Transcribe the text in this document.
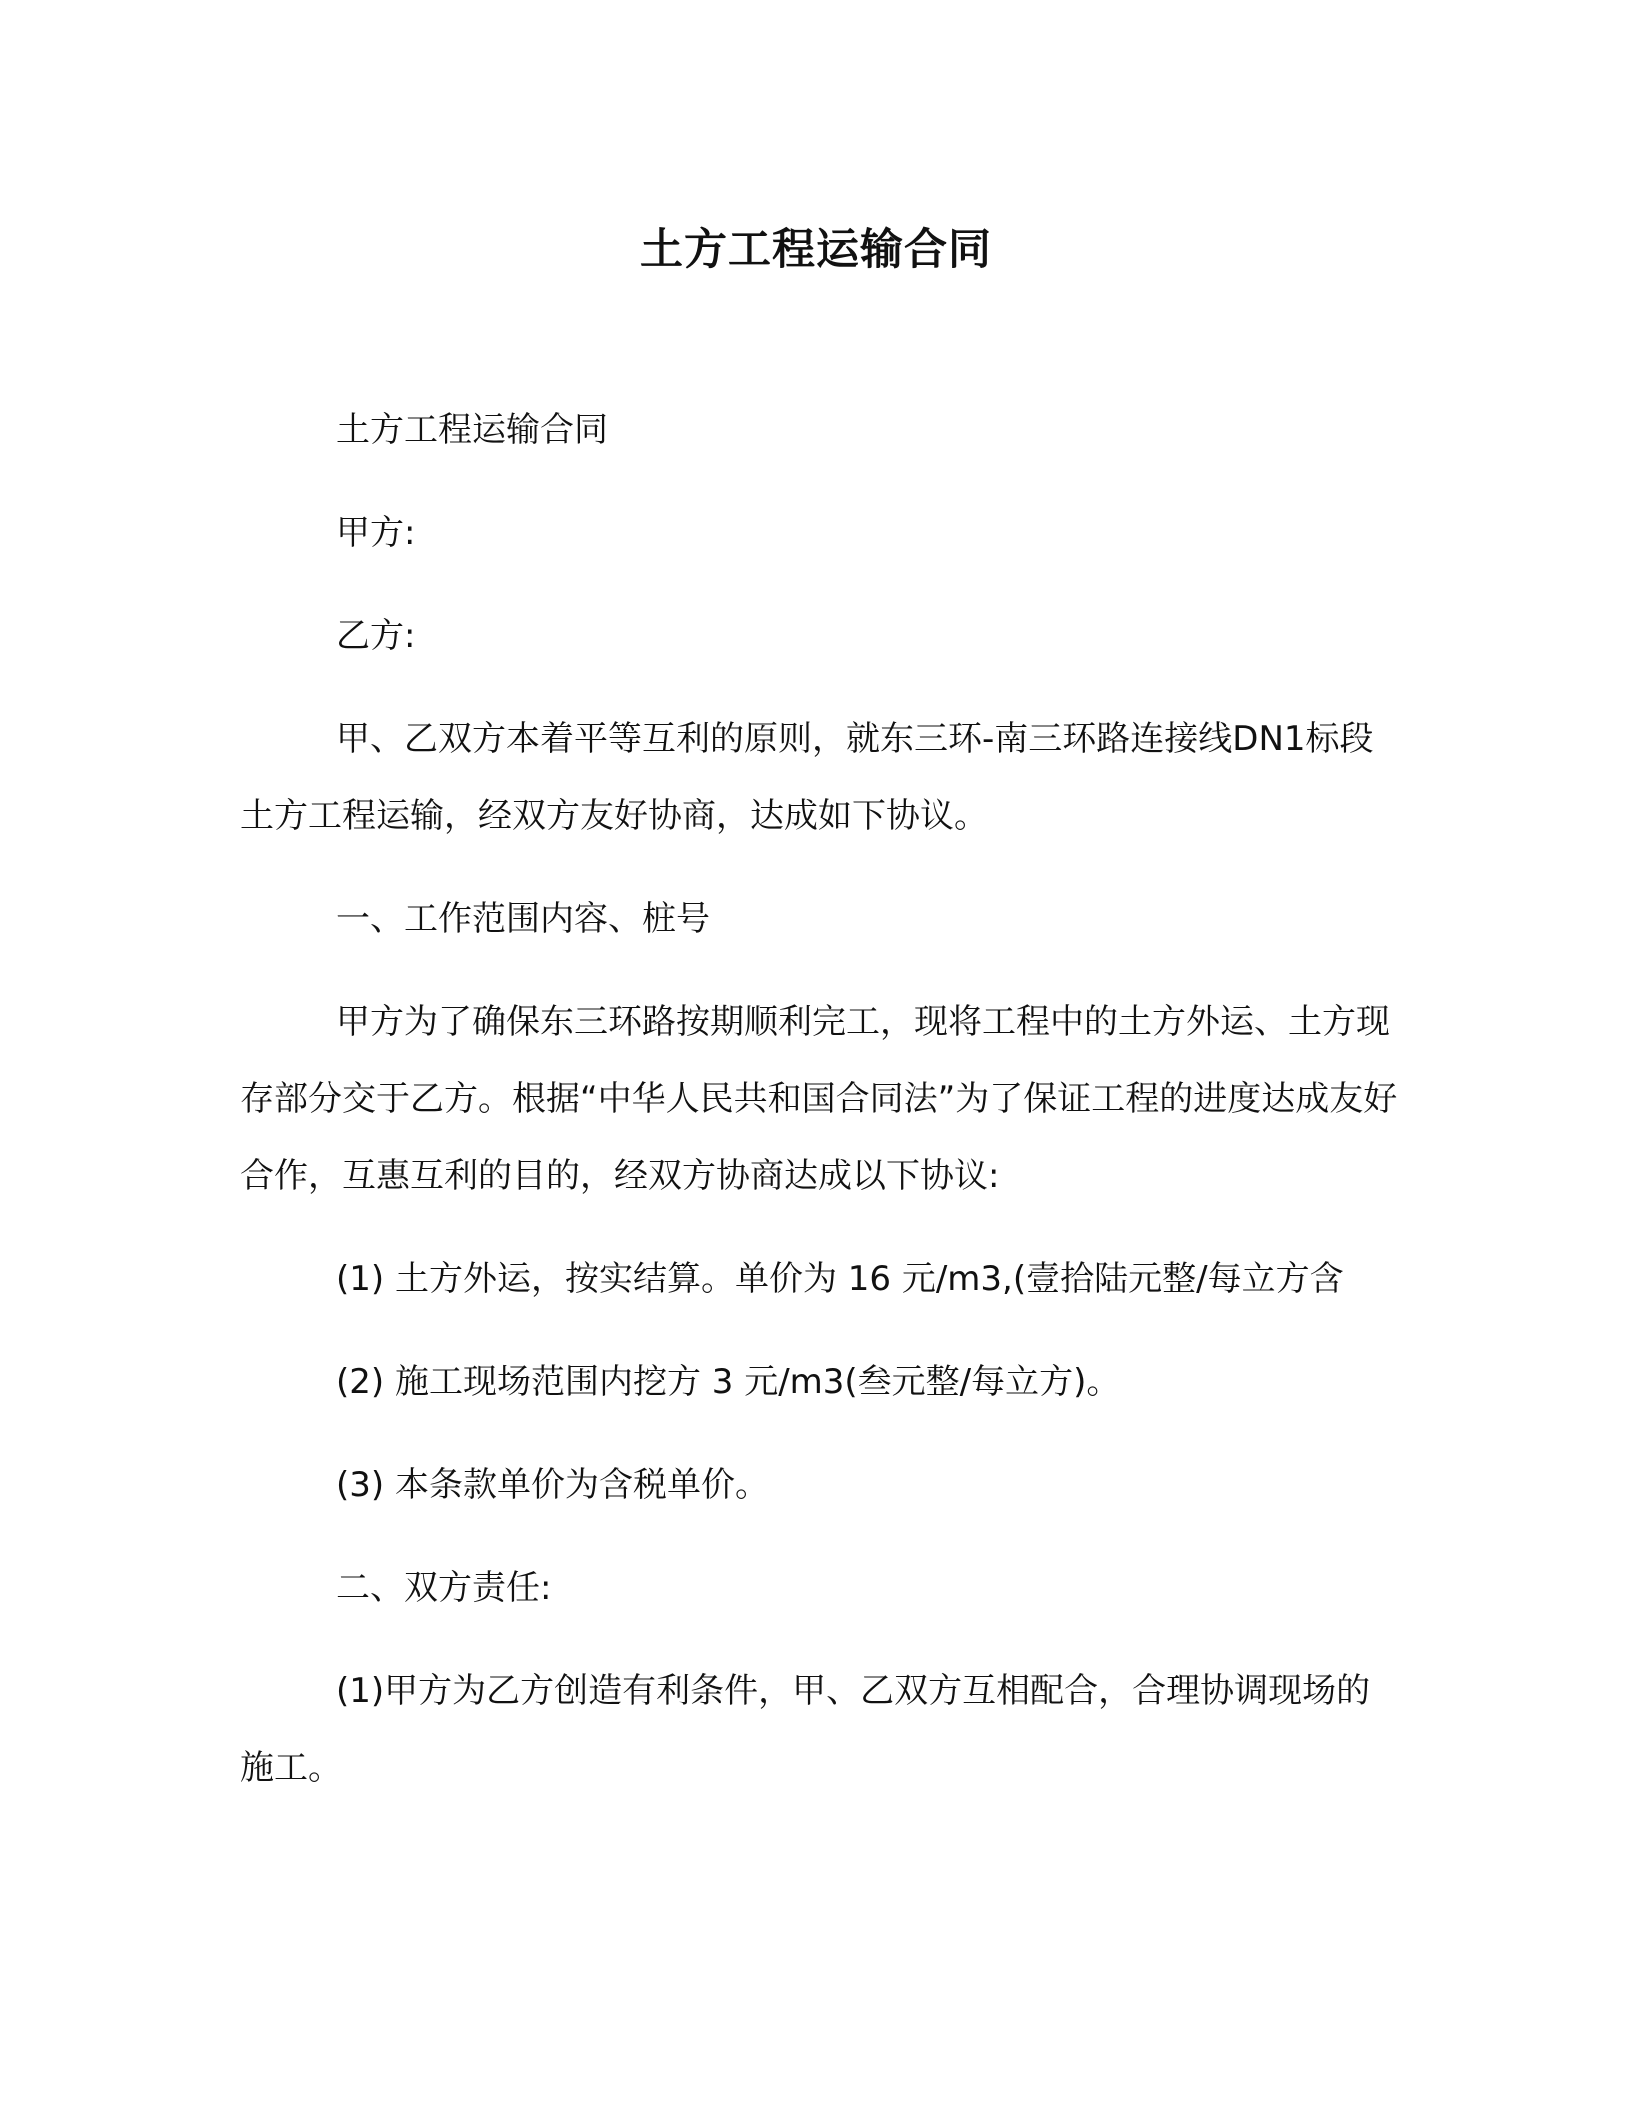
土方工程运输合同

土方工程运输合同

甲方:

乙方:

甲、乙双方本着平等互利的原则，就东三环-南三环路连接线DN1标段土方工程运输，经双方友好协商，达成如下协议。

一、工作范围内容、桩号

甲方为了确保东三环路按期顺利完工，现将工程中的土方外运、土方现存部分交于乙方。根据“中华人民共和国合同法”为了保证工程的进度达成友好合作，互惠互利的目的，经双方协商达成以下协议:

(1) 土方外运，按实结算。单价为 16 元/m3,(壹拾陆元整/每立方含

(2) 施工现场范围内挖方 3 元/m3(叁元整/每立方)。

(3) 本条款单价为含税单价。

二、双方责任:

(1)甲方为乙方创造有利条件，甲、乙双方互相配合，合理协调现场的施工。
